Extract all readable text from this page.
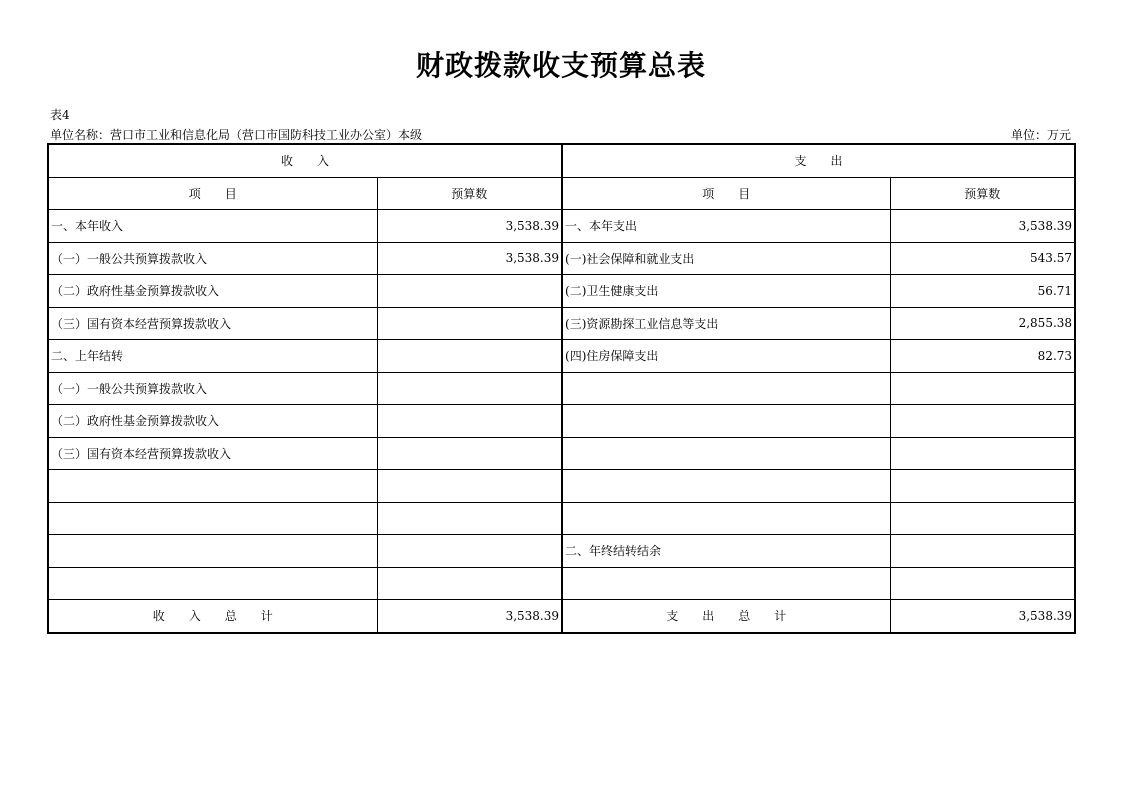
财政拨款收支预算总表
表4
单位名称：营口市工业和信息化局（营口市国防科技工业办公室）本级	单位：万元
收　　入		支　　出	
项　　目	预算数	项　　目	预算数
一、本年收入	3,538.39	一、本年支出	3,538.39
（一）一般公共预算拨款收入	3,538.39	(一)社会保障和就业支出	543.57
（二）政府性基金预算拨款收入		(二)卫生健康支出	56.71
（三）国有资本经营预算拨款收入		(三)资源勘探工业信息等支出	2,855.38
二、上年结转		(四)住房保障支出	82.73
（一）一般公共预算拨款收入			
（二）政府性基金预算拨款收入			
（三）国有资本经营预算拨款收入			

		二、年终结转结余	

收　　入　　总　　计	3,538.39	支　　出　　总　　计	3,538.39
